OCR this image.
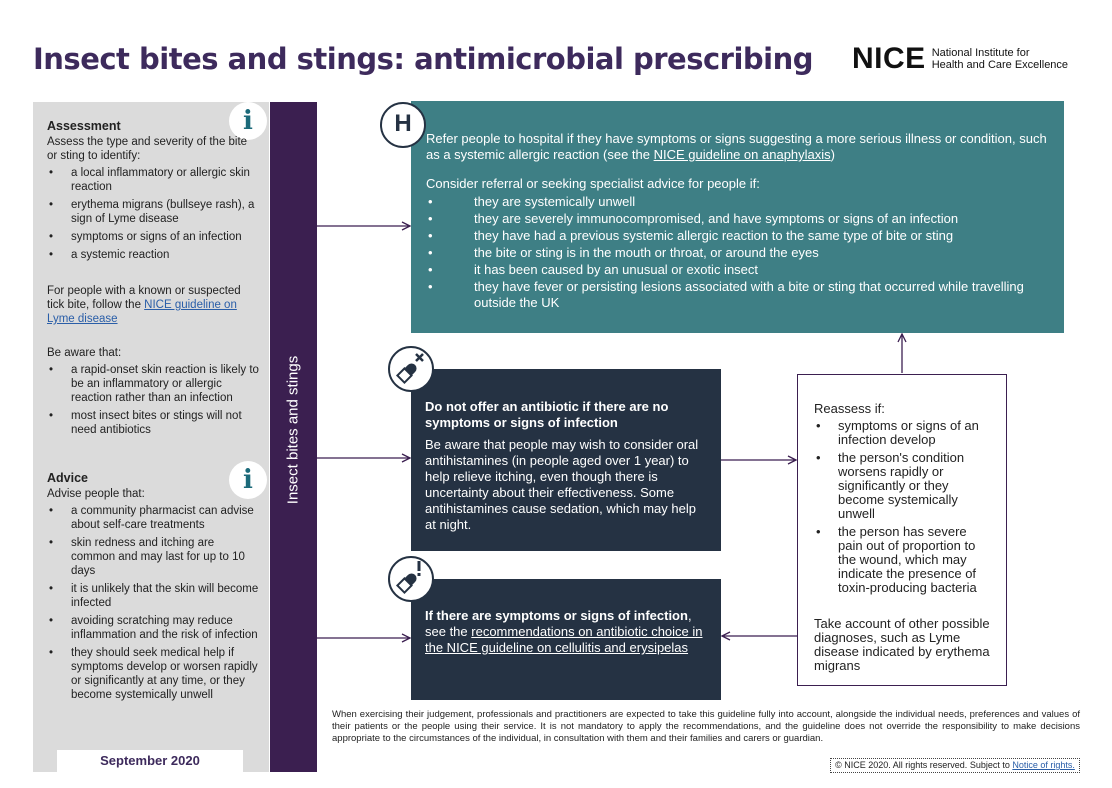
Insect bites and stings: antimicrobial prescribing NICE National Institute for
Health and Care Excellence
i
Assessment

Assess the type and severity of the bite or sting to identify:

• a local inflammatory or allergic skin reaction
• erythema migrans (bullseye rash), a sign of Lyme disease
• symptoms or signs of an infection
• a systemic reaction

For people with a known or suspected tick bite, follow the NICE guideline on Lyme disease

Be aware that:

• a rapid-onset skin reaction is likely to be an inflammatory or allergic reaction rather than an infection
• most insect bites or stings will not need antibiotics
i
Advice

Advise people that:

• a community pharmacist can advise about self-care treatments
• skin redness and itching are common and may last for up to 10 days
• it is unlikely that the skin will become infected
• avoiding scratching may reduce inflammation and the risk of infection
• they should seek medical help if symptoms develop or worsen rapidly or significantly at any time, or they become systemically unwell
September 2020
Insect bites and stings

Refer people to hospital if they have symptoms or signs suggesting a more serious illness or condition, such as a systemic allergic reaction (see the NICE guideline on anaphylaxis)

Consider referral or seeking specialist advice for people if:

• they are systemically unwell
• they are severely immunocompromised, and have symptoms or signs of an infection
• they have had a previous systemic allergic reaction to the same type of bite or sting
• the bite or sting is in the mouth or throat, or around the eyes
• it has been caused by an unusual or exotic insect
• they have fever or persisting lesions associated with a bite or sting that occurred while travelling outside the UK
H
Do not offer an antibiotic if there are no symptoms or signs of infection

Be aware that people may wish to consider oral antihistamines (in people aged over 1 year) to help relieve itching, even though there is uncertainty about their effectiveness. Some antihistamines cause sedation, which may help at night.

If there are symptoms or signs of infection, see the recommendations on antibiotic choice in the NICE guideline on cellulitis and erysipelas

Reassess if:

• symptoms or signs of an infection develop
• the person's condition worsens rapidly or significantly or they become systemically unwell
• the person has severe pain out of proportion to the wound, which may indicate the presence of toxin-producing bacteria

Take account of other possible diagnoses, such as Lyme disease indicated by erythema migrans

When exercising their judgement, professionals and practitioners are expected to take this guideline fully into account, alongside the individual needs, preferences and values of their patients or the people using their service. It is not mandatory to apply the recommendations, and the guideline does not override the responsibility to make decisions appropriate to the circumstances of the individual, in consultation with them and their families and carers or guardian.
© NICE 2020. All rights reserved. Subject to Notice of rights.
